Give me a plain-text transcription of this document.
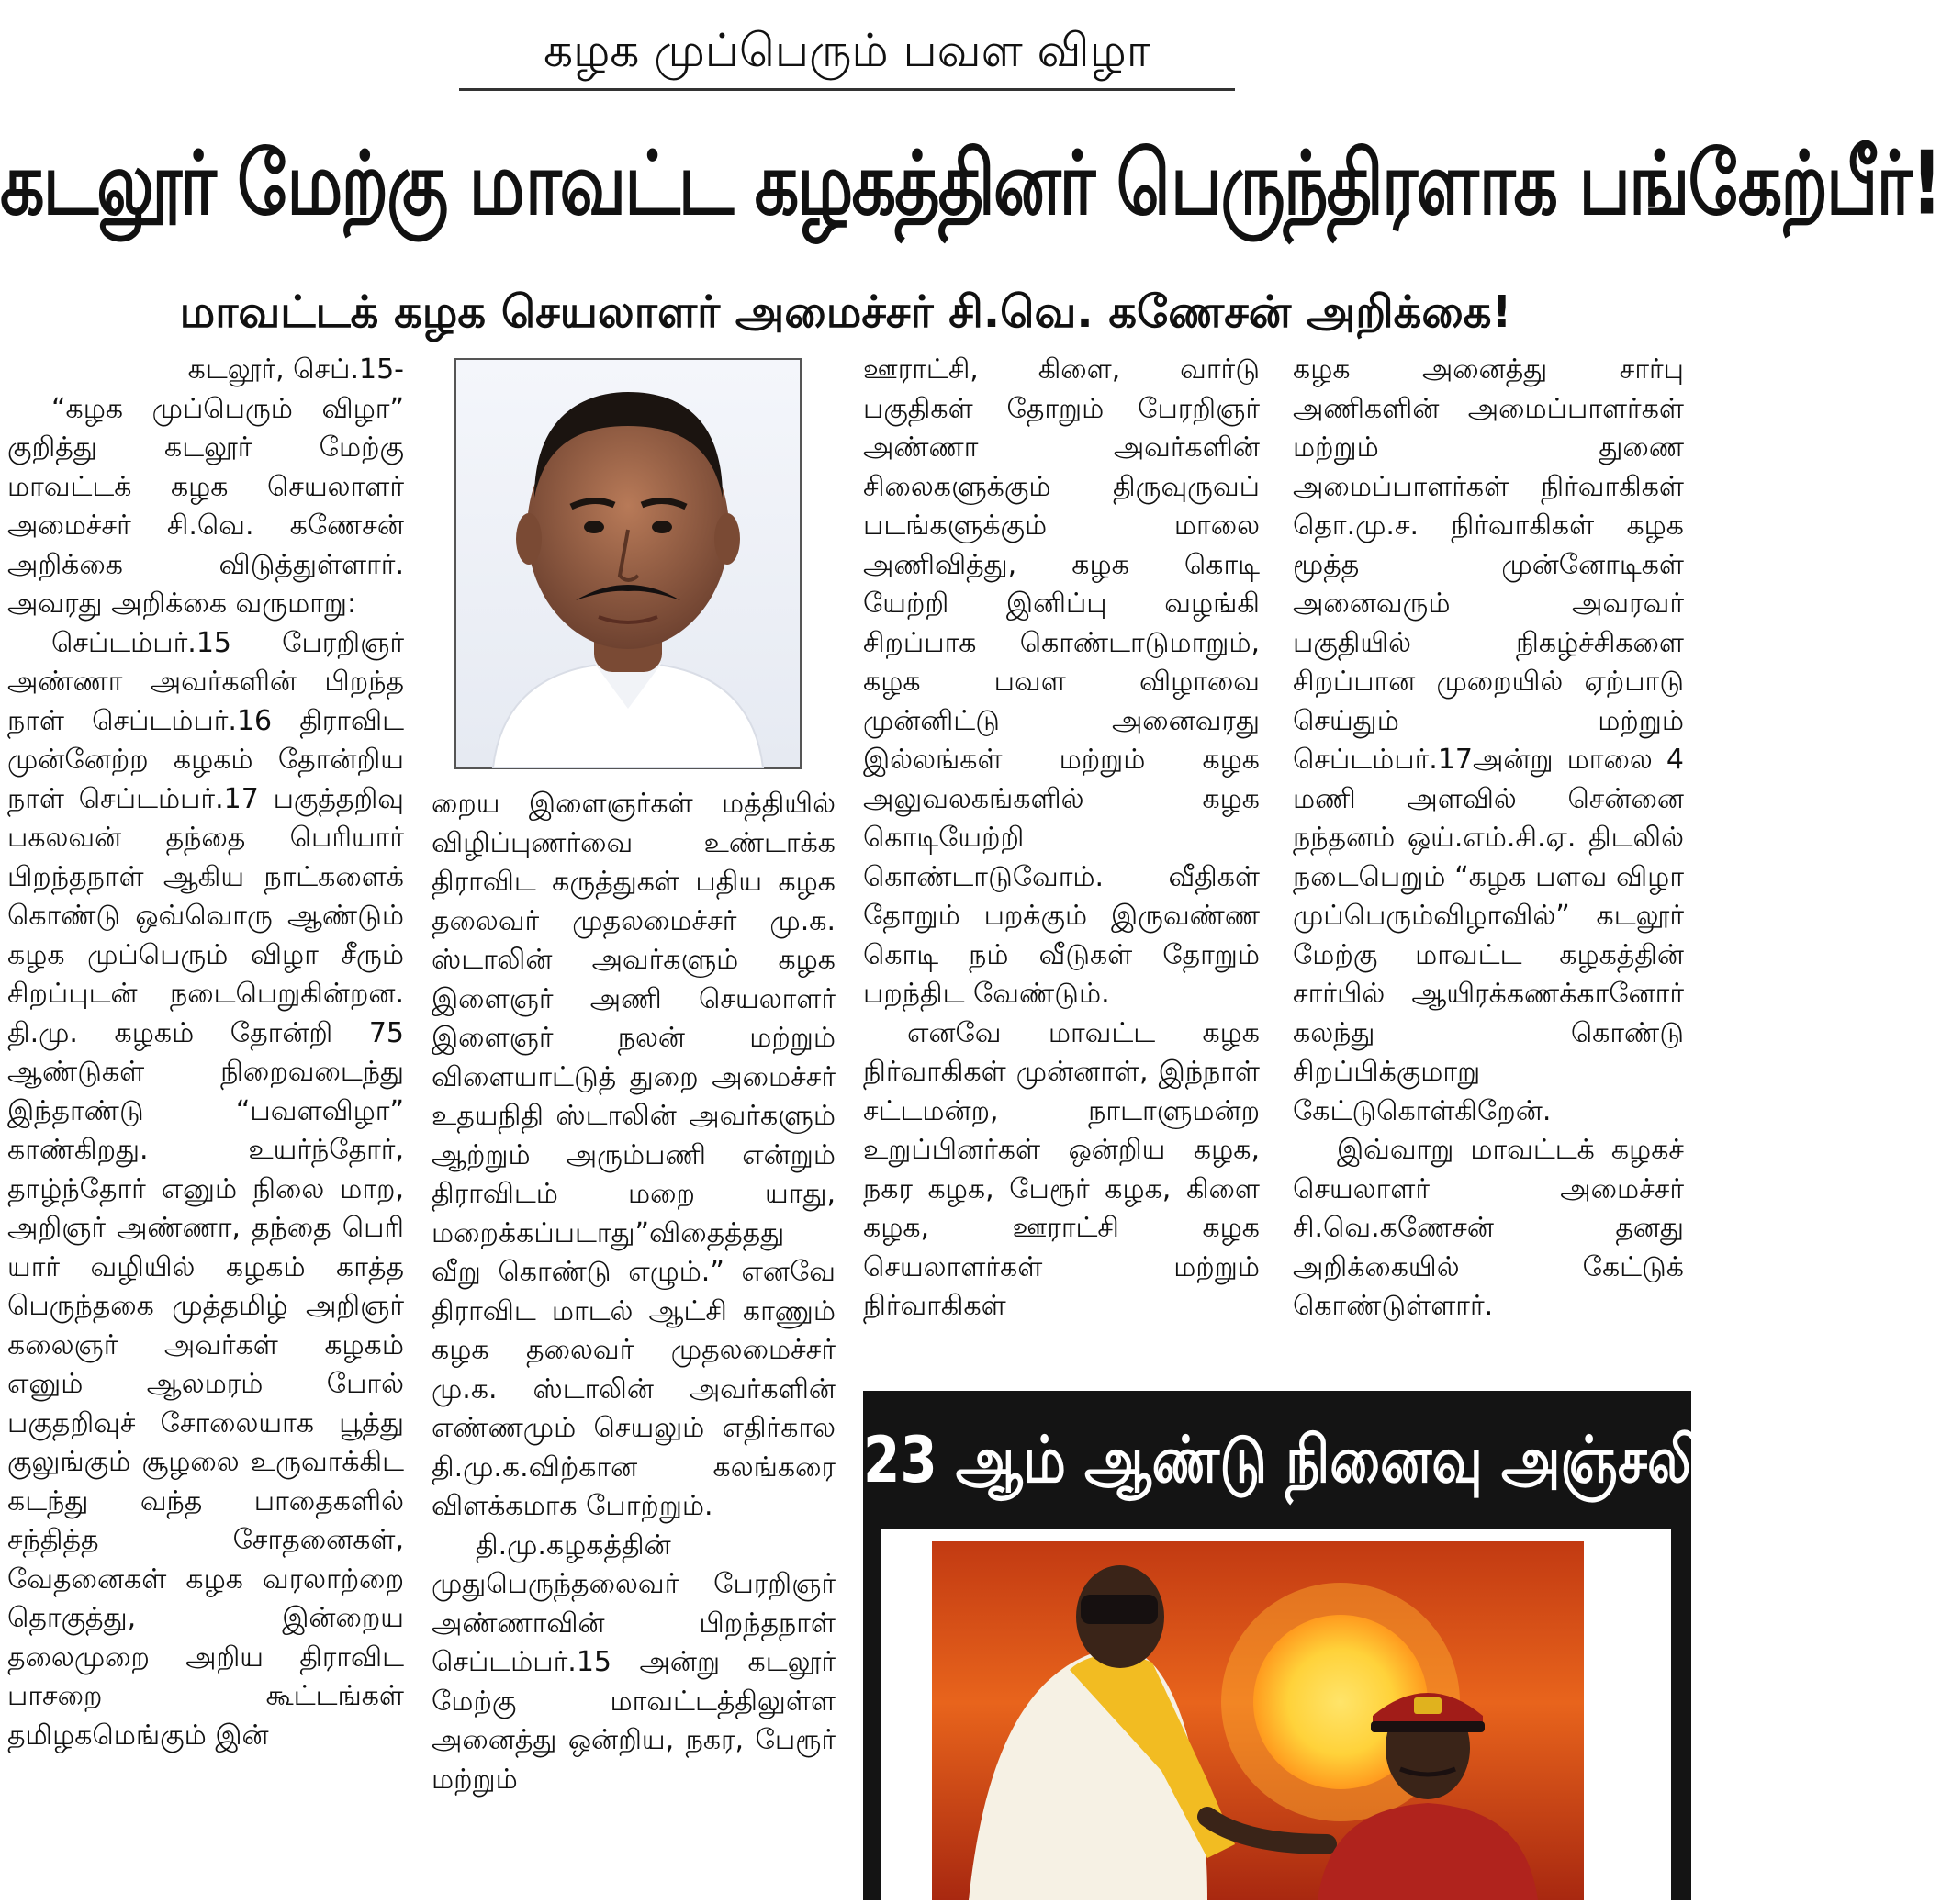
கழக முப்பெரும் பவள விழா
கடலூர் மேற்கு மாவட்ட கழகத்தினர் பெருந்திரளாக பங்கேற்பீர்!
மாவட்டக் கழக செயலாளர் அமைச்சர் சி.வெ. கணேசன் அறிக்கை!

கடலூர், செப்.15-

“கழக முப்பெரும் விழா” குறித்து கடலூர் மேற்கு மாவட்டக் கழக செயலாளர் அமைச்சர் சி.வெ. கணேசன் அறிக்கை விடுத்துள்ளார். அவரது அறிக்கை வருமாறு:

செப்டம்பர்.15 பேரறிஞர் அண்ணா அவர்களின் பிறந்த நாள் செப்டம்பர்.16 திராவிட முன்னேற்ற கழகம் தோன்றிய நாள் செப்டம்பர்.17 பகுத்தறிவு பகலவன் தந்தை பெரியார் பிறந்தநாள் ஆகிய நாட்களைக் கொண்டு ஒவ்வொரு ஆண்டும் கழக முப்பெரும் விழா சீரும் சிறப்புடன் நடைபெறுகின்றன. தி.மு. கழகம் தோன்றி 75 ஆண்டுகள் நிறைவடைந்து இந்தாண்டு “பவளவிழா” காண்கிறது. உயர்ந்தோர், தாழ்ந்தோர் எனும் நிலை மாற, அறிஞர் அண்ணா, தந்தை பெரி யார் வழியில் கழகம் காத்த பெருந்தகை முத்தமிழ் அறிஞர் கலைஞர் அவர்கள் கழகம் எனும் ஆலமரம் போல் பகுதறிவுச் சோலையாக பூத்து குலுங்கும் சூழலை உருவாக்கிட கடந்து வந்த பாதைகளில் சந்தித்த சோதனைகள், வேதனைகள் கழக வரலாற்றை தொகுத்து, இன்றைய தலைமுறை அறிய திராவிட பாசறை கூட்டங்கள் தமிழகமெங்கும் இன்

றைய இளைஞர்கள் மத்தியில் விழிப்புணர்வை உண்டாக்க திராவிட கருத்துகள் பதிய கழக தலைவர் முதலமைச்சர் மு.க. ஸ்டாலின் அவர்களும் கழக இளைஞர் அணி செயலாளர் இளைஞர் நலன் மற்றும் விளையாட்டுத் துறை அமைச்சர் உதயநிதி ஸ்டாலின் அவர்களும் ஆற்றும் அரும்பணி என்றும் திராவிடம் மறை யாது, மறைக்கப்படாது”விதைத்தது வீறு கொண்டு எழும்.” எனவே திராவிட மாடல் ஆட்சி காணும் கழக தலைவர் முதலமைச்சர் மு.க. ஸ்டாலின் அவர்களின் எண்ணமும் செயலும் எதிர்கால தி.மு.க.விற்கான கலங்கரை விளக்கமாக போற்றும்.

தி.மு.கழகத்தின் முதுபெருந்தலைவர் பேரறிஞர் அண்ணாவின் பிறந்தநாள் செப்டம்பர்.15 அன்று கடலூர் மேற்கு மாவட்டத்திலுள்ள அனைத்து ஒன்றிய, நகர, பேரூர் மற்றும்

ஊராட்சி, கிளை, வார்டு பகுதிகள் தோறும் பேரறிஞர் அண்ணா அவர்களின் சிலைகளுக்கும் திருவுருவப் படங்களுக்கும் மாலை அணிவித்து, கழக கொடி யேற்றி இனிப்பு வழங்கி சிறப்பாக கொண்டாடுமாறும், கழக பவள விழாவை முன்னிட்டு அனைவரது இல்லங்கள் மற்றும் கழக அலுவலகங்களில் கழக கொடியேற்றி கொண்டாடுவோம். வீதிகள் தோறும் பறக்கும் இருவண்ண கொடி நம் வீடுகள் தோறும் பறந்திட வேண்டும்.

எனவே மாவட்ட கழக நிர்வாகிகள் முன்னாள், இந்நாள் சட்டமன்ற, நாடாளுமன்ற உறுப்பினர்கள் ஒன்றிய கழக, நகர கழக, பேரூர் கழக, கிளை கழக, ஊராட்சி கழக செயலாளர்கள் மற்றும் நிர்வாகிகள்

கழக அனைத்து சார்பு அணிகளின் அமைப்பாளர்கள் மற்றும் துணை அமைப்பாளர்கள் நிர்வாகிகள் தொ.மு.ச. நிர்வாகிகள் கழக மூத்த முன்னோடிகள் அனைவரும் அவரவர் பகுதியில் நிகழ்ச்சிகளை சிறப்பான முறையில் ஏற்பாடு செய்தும் மற்றும் செப்டம்பர்.17அன்று மாலை 4 மணி அளவில் சென்னை நந்தனம் ஒய்.எம்.சி.ஏ. திடலில் நடைபெறும் “கழக பளவ விழா முப்பெரும்விழாவில்” கடலூர் மேற்கு மாவட்ட கழகத்தின் சார்பில் ஆயிரக்கணக்கானோர் கலந்து கொண்டு சிறப்பிக்குமாறு கேட்டுகொள்கிறேன்.

இவ்வாறு மாவட்டக் கழகச் செயலாளர் அமைச்சர் சி.வெ.கணேசன் தனது அறிக்கையில் கேட்டுக் கொண்டுள்ளார்.

23 ஆம் ஆண்டு நினைவு அஞ்சலி
